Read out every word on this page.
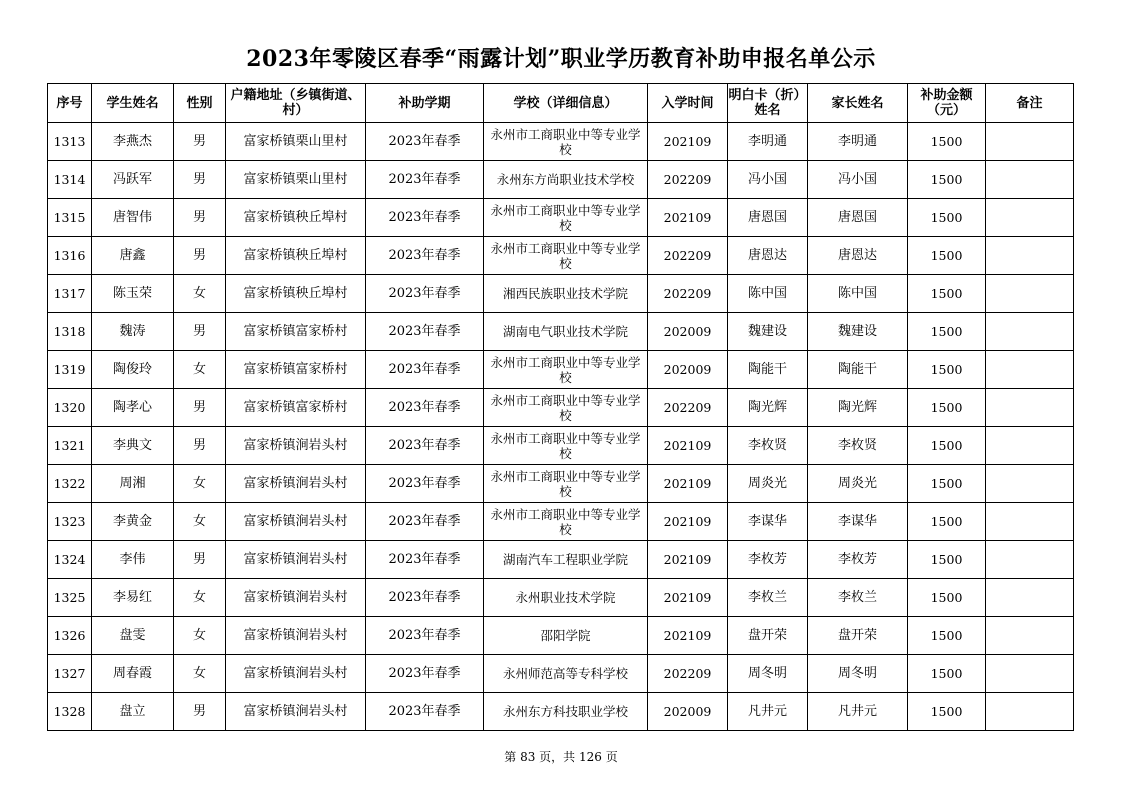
2023年零陵区春季“雨露计划”职业学历教育补助申报名单公示
序号	学生姓名	性别	户籍地址（乡镇街道、村）	补助学期	学校（详细信息）	入学时间	明白卡（折）姓名	家长姓名	补助金额（元）	备注
1313	李燕杰	男	富家桥镇栗山里村	2023年春季	永州市工商职业中等专业学校	202109	李明通	李明通	1500	
1314	冯跃军	男	富家桥镇栗山里村	2023年春季	永州东方尚职业技术学校	202209	冯小国	冯小国	1500	
1315	唐智伟	男	富家桥镇秧丘埠村	2023年春季	永州市工商职业中等专业学校	202109	唐恩国	唐恩国	1500	
1316	唐鑫	男	富家桥镇秧丘埠村	2023年春季	永州市工商职业中等专业学校	202209	唐恩达	唐恩达	1500	
1317	陈玉荣	女	富家桥镇秧丘埠村	2023年春季	湘西民族职业技术学院	202209	陈中国	陈中国	1500	
1318	魏涛	男	富家桥镇富家桥村	2023年春季	湖南电气职业技术学院	202009	魏建设	魏建设	1500	
1319	陶俊玲	女	富家桥镇富家桥村	2023年春季	永州市工商职业中等专业学校	202009	陶能干	陶能干	1500	
1320	陶孝心	男	富家桥镇富家桥村	2023年春季	永州市工商职业中等专业学校	202209	陶光辉	陶光辉	1500	
1321	李典文	男	富家桥镇涧岩头村	2023年春季	永州市工商职业中等专业学校	202109	李枚贤	李枚贤	1500	
1322	周湘	女	富家桥镇涧岩头村	2023年春季	永州市工商职业中等专业学校	202109	周炎光	周炎光	1500	
1323	李黄金	女	富家桥镇涧岩头村	2023年春季	永州市工商职业中等专业学校	202109	李谋华	李谋华	1500	
1324	李伟	男	富家桥镇涧岩头村	2023年春季	湖南汽车工程职业学院	202109	李枚芳	李枚芳	1500	
1325	李易红	女	富家桥镇涧岩头村	2023年春季	永州职业技术学院	202109	李枚兰	李枚兰	1500	
1326	盘雯	女	富家桥镇涧岩头村	2023年春季	邵阳学院	202109	盘开荣	盘开荣	1500	
1327	周春霞	女	富家桥镇涧岩头村	2023年春季	永州师范高等专科学校	202209	周冬明	周冬明	1500	
1328	盘立	男	富家桥镇涧岩头村	2023年春季	永州东方科技职业学校	202009	凡井元	凡井元	1500	
第 83 页，共 126 页
